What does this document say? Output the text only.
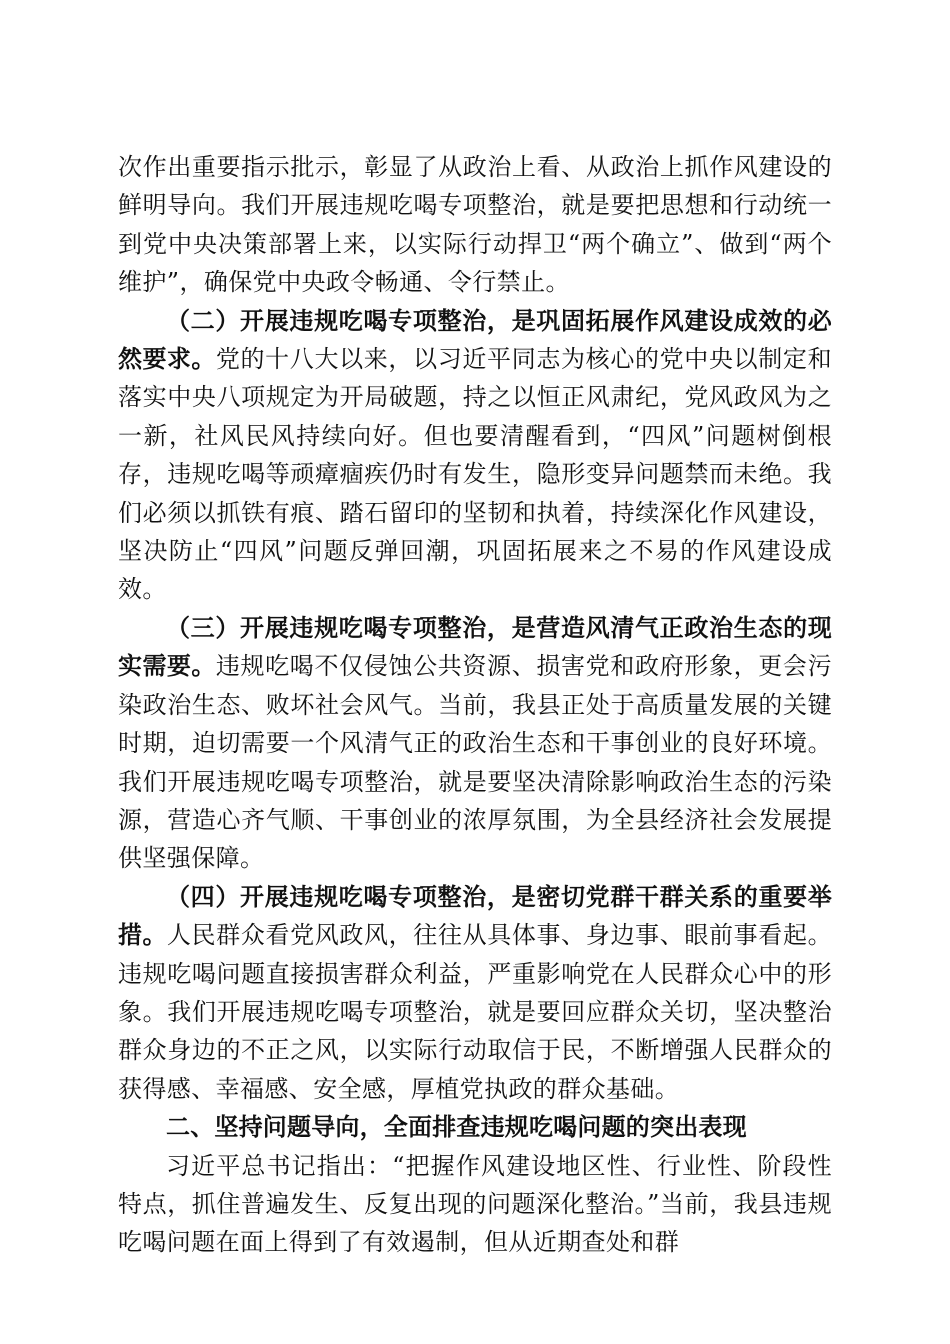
次作出重要指示批示，彰显了从政治上看、从政治上抓作风建设的鲜明导向。我们开展违规吃喝专项整治，就是要把思想和行动统一到党中央决策部署上来，以实际行动捍卫“两个确立”、做到“两个维护”，确保党中央政令畅通、令行禁止。

（二）开展违规吃喝专项整治，是巩固拓展作风建设成效的必然要求。党的十八大以来，以习近平同志为核心的党中央以制定和落实中央八项规定为开局破题，持之以恒正风肃纪，党风政风为之一新，社风民风持续向好。但也要清醒看到，“四风”问题树倒根存，违规吃喝等顽瘴痼疾仍时有发生，隐形变异问题禁而未绝。我们必须以抓铁有痕、踏石留印的坚韧和执着，持续深化作风建设，坚决防止“四风”问题反弹回潮，巩固拓展来之不易的作风建设成效。

（三）开展违规吃喝专项整治，是营造风清气正政治生态的现实需要。违规吃喝不仅侵蚀公共资源、损害党和政府形象，更会污染政治生态、败坏社会风气。当前，我县正处于高质量发展的关键时期，迫切需要一个风清气正的政治生态和干事创业的良好环境。我们开展违规吃喝专项整治，就是要坚决清除影响政治生态的污染源，营造心齐气顺、干事创业的浓厚氛围，为全县经济社会发展提供坚强保障。

（四）开展违规吃喝专项整治，是密切党群干群关系的重要举措。人民群众看党风政风，往往从具体事、身边事、眼前事看起。违规吃喝问题直接损害群众利益，严重影响党在人民群众心中的形象。我们开展违规吃喝专项整治，就是要回应群众关切，坚决整治群众身边的不正之风，以实际行动取信于民，不断增强人民群众的获得感、幸福感、安全感，厚植党执政的群众基础。

二、坚持问题导向，全面排查违规吃喝问题的突出表现

习近平总书记指出：“把握作风建设地区性、行业性、阶段性特点，抓住普遍发生、反复出现的问题深化整治。”当前，我县违规吃喝问题在面上得到了有效遏制，但从近期查处和群
